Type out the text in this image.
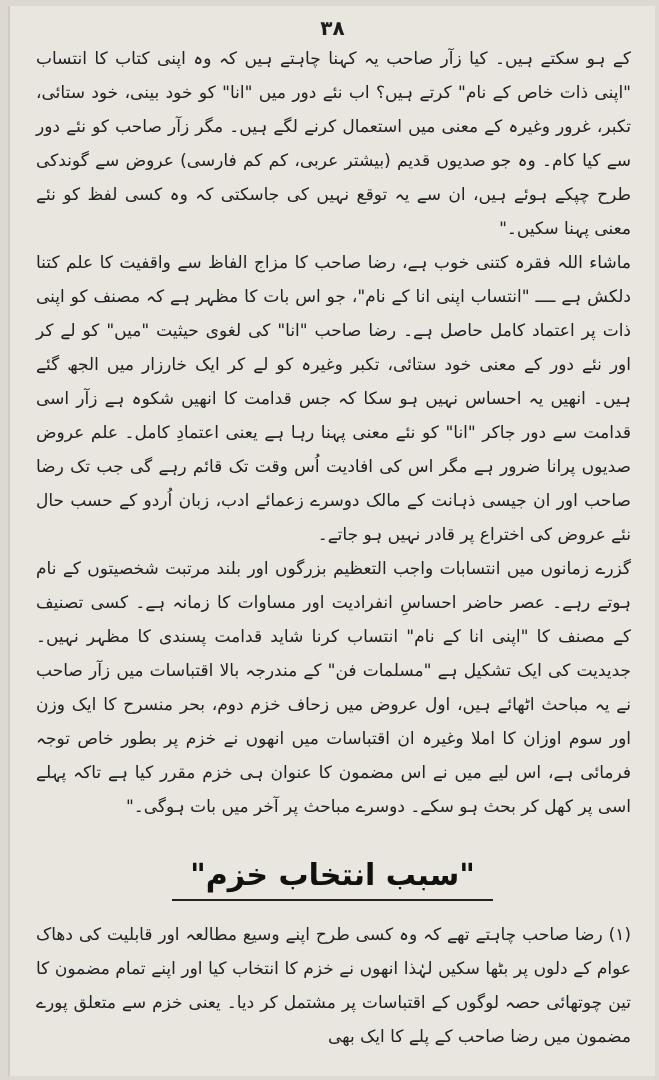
۳۸

کے ہو سکتے ہیں۔ کیا زآر صاحب یہ کہنا چاہتے ہیں کہ وہ اپنی کتاب کا انتساب "اپنی ذات خاص کے نام" کرتے ہیں؟ اب نئے دور میں "انا" کو خود بینی، خود ستائی، تکبر، غرور وغیرہ کے معنی میں استعمال کرنے لگے ہیں۔ مگر زآر صاحب کو نئے دور سے کیا کام۔ وہ جو صدیوں قدیم (بیشتر عربی، کم کم فارسی) عروض سے گوندکی طرح چپکے ہوئے ہیں، ان سے یہ توقع نہیں کی جاسکتی کہ وہ کسی لفظ کو نئے معنی پہنا سکیں۔"

ماشاء اللہ فقرہ کتنی خوب ہے، رضا صاحب کا مزاج الفاظ سے واقفیت کا علم کتنا دلکش ہے ــــ "انتساب اپنی انا کے نام"، جو اس بات کا مظہر ہے کہ مصنف کو اپنی ذات پر اعتماد کامل حاصل ہے۔ رضا صاحب "انا" کی لغوی حیثیت "میں" کو لے کر اور نئے دور کے معنی خود ستائی، تکبر وغیرہ کو لے کر ایک خارزار میں الجھ گئے ہیں۔ انھیں یہ احساس نہیں ہو سکا کہ جس قدامت کا انھیں شکوہ ہے زآر اسی قدامت سے دور جاکر "انا" کو نئے معنی پہنا رہا ہے یعنی اعتمادِ کامل۔ علم عروض صدیوں پرانا ضرور ہے مگر اس کی افادیت اُس وقت تک قائم رہے گی جب تک رضا صاحب اور ان جیسی ذہانت کے مالک دوسرے زعمائے ادب، زبان اُردو کے حسب حال نئے عروض کی اختراع پر قادر نہیں ہو جاتے۔

گزرے زمانوں میں انتسابات واجب التعظیم بزرگوں اور بلند مرتبت شخصیتوں کے نام ہوتے رہے۔ عصر حاضر احساسِ انفرادیت اور مساوات کا زمانہ ہے۔ کسی تصنیف کے مصنف کا "اپنی انا کے نام" انتساب کرنا شاید قدامت پسندی کا مظہر نہیں۔ جدیدیت کی ایک تشکیل ہے "مسلمات فن" کے مندرجہ بالا اقتباسات میں زآر صاحب نے یہ مباحث اٹھائے ہیں، اول عروض میں زحاف خزم دوم، بحر منسرح کا ایک وزن اور سوم اوزان کا املا وغیرہ ان اقتباسات میں انھوں نے خزم پر بطور خاص توجہ فرمائی ہے، اس لیے میں نے اس مضمون کا عنوان ہی خزم مقرر کیا ہے تاکہ پہلے اسی پر کھل کر بحث ہو سکے۔ دوسرے مباحث پر آخر میں بات ہوگی۔"

"سبب انتخاب خزم"

(۱) رضا صاحب چاہتے تھے کہ وہ کسی طرح اپنے وسیع مطالعہ اور قابلیت کی دھاک عوام کے دلوں پر بٹھا سکیں لہٰذا انھوں نے خزم کا انتخاب کیا اور اپنے تمام مضمون کا تین چوتھائی حصہ لوگوں کے اقتباسات پر مشتمل کر دیا۔ یعنی خزم سے متعلق پورے مضمون میں رضا صاحب کے پلے کا ایک بھی
